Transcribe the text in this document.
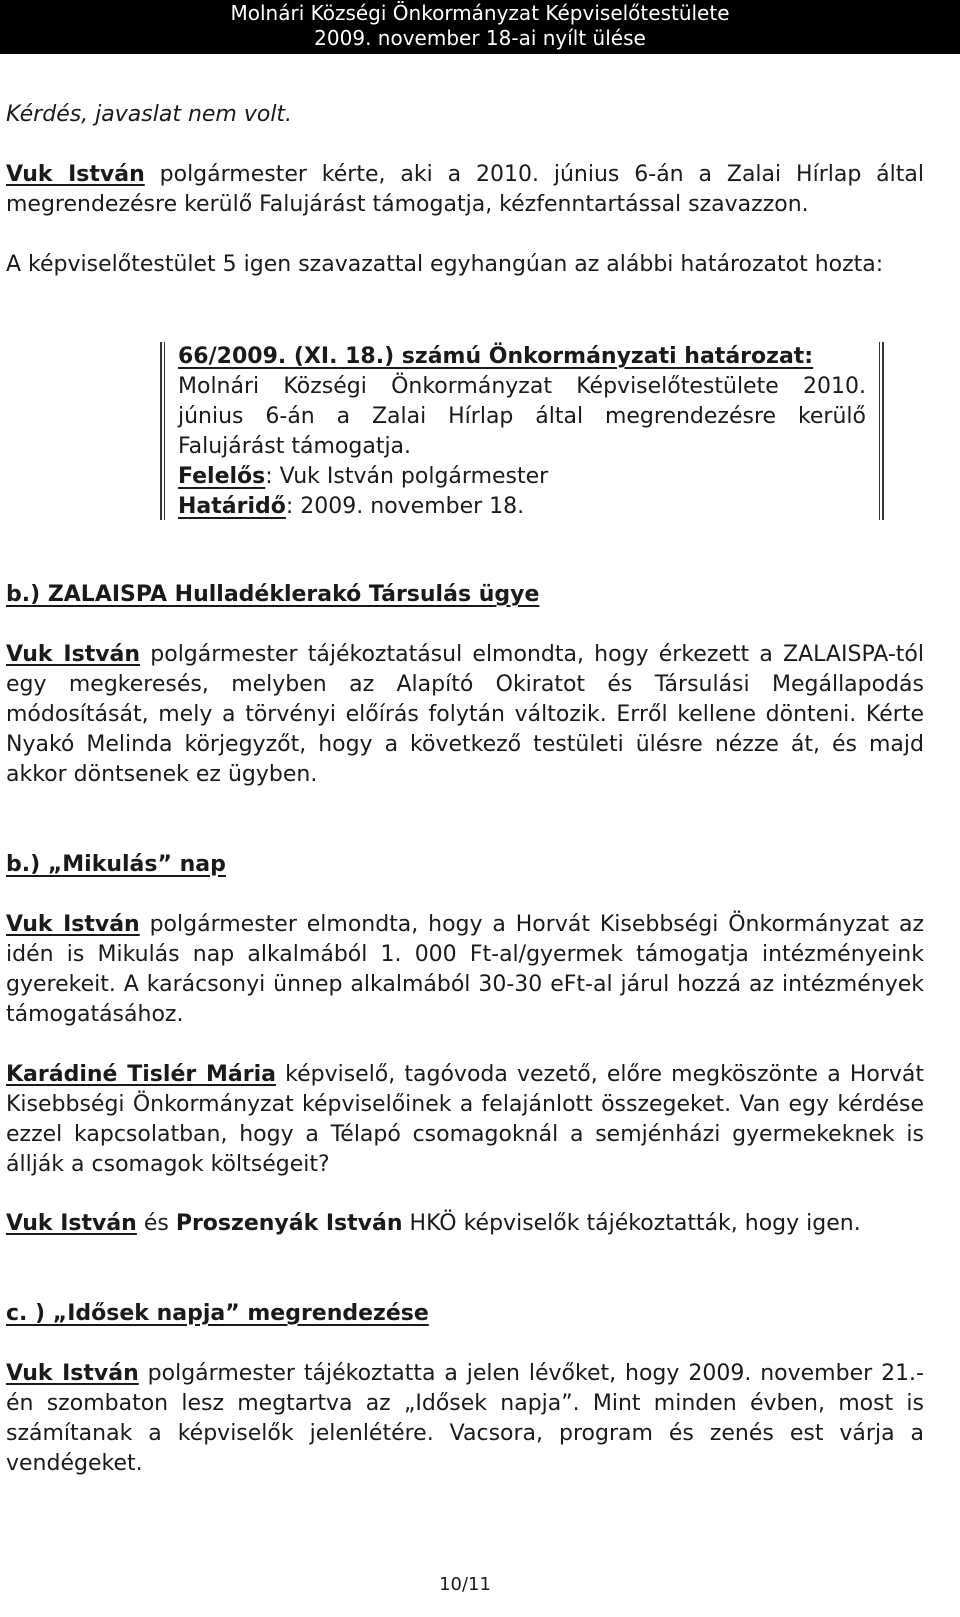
Molnári Községi Önkormányzat Képviselőtestülete
2009. november 18-ai nyílt ülése
Kérdés, javaslat nem volt.
Vuk István polgármester kérte, aki a 2010. június 6-án a Zalai Hírlap által megrendezésre kerülő Falujárást támogatja, kézfenntartással szavazzon.
A képviselőtestület 5 igen szavazattal egyhangúan az alábbi határozatot hozta:
66/2009. (XI. 18.) számú Önkormányzati határozat:
Molnári Községi Önkormányzat Képviselőtestülete 2010. június 6-án a Zalai Hírlap által megrendezésre kerülő Falujárást támogatja.
Felelős: Vuk István polgármester
Határidő: 2009. november 18.
b.) ZALAISPA Hulladéklerakó Társulás ügye
Vuk István polgármester tájékoztatásul elmondta, hogy érkezett a ZALAISPA-tól egy megkeresés, melyben az Alapító Okiratot és Társulási Megállapodás módosítását, mely a törvényi előírás folytán változik. Erről kellene dönteni. Kérte Nyakó Melinda körjegyzőt, hogy a következő testületi ülésre nézze át, és majd akkor döntsenek ez ügyben.
b.) „Mikulás” nap
Vuk István polgármester elmondta, hogy a Horvát Kisebbségi Önkormányzat az idén is Mikulás nap alkalmából 1. 000 Ft-al/gyermek támogatja intézményeink gyerekeit. A karácsonyi ünnep alkalmából 30-30 eFt-al járul hozzá az intézmények támogatásához.
Karádiné Tislér Mária képviselő, tagóvoda vezető, előre megköszönte a Horvát Kisebbségi Önkormányzat képviselőinek a felajánlott összegeket. Van egy kérdése ezzel kapcsolatban, hogy a Télapó csomagoknál a semjénházi gyermekeknek is állják a csomagok költségeit?
Vuk István és Proszenyák István HKÖ képviselők tájékoztatták, hogy igen.
c. ) „Idősek napja” megrendezése
Vuk István polgármester tájékoztatta a jelen lévőket, hogy 2009. november 21.-én szombaton lesz megtartva az „Idősek napja”. Mint minden évben, most is számítanak a képviselők jelenlétére. Vacsora, program és zenés est várja a vendégeket.
10/11
